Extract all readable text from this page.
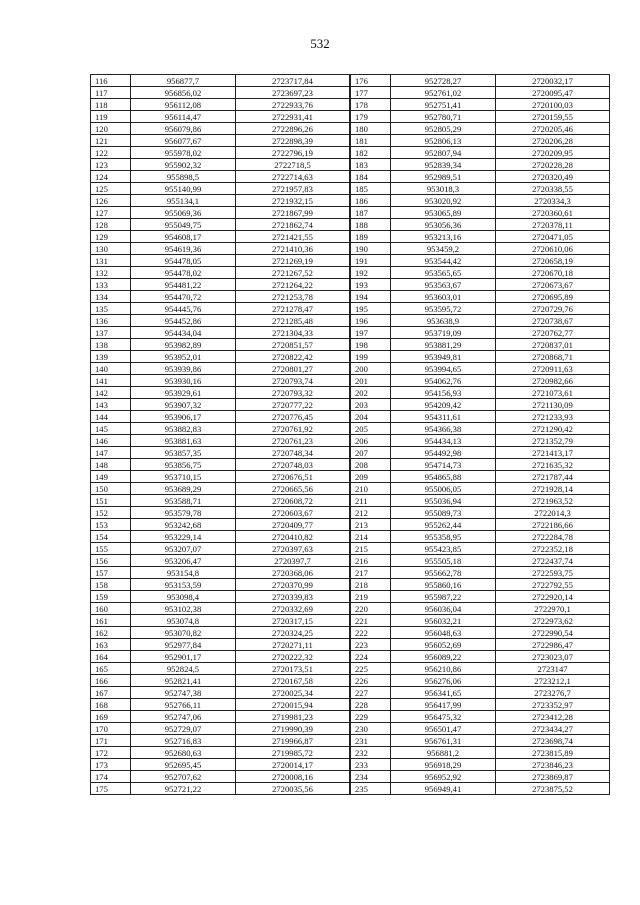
532
116	956877,7	2723717,84
117	956856,02	2723697,23
118	956112,08	2722933,76
119	956114,47	2722931,41
120	956079,86	2722896,26
121	956077,67	2722898,39
122	955978,02	2722796,19
123	955902,32	2722718,5
124	955898,5	2722714,63
125	955140,99	2721957,83
126	955134,1	2721932,15
127	955069,36	2721867,99
128	955049,75	2721862,74
129	954608,17	2721421,55
130	954619,36	2721410,36
131	954478,05	2721269,19
132	954478,02	2721267,52
133	954481,22	2721264,22
134	954470,72	2721253,78
135	954445,76	2721278,47
136	954452,86	2721285,48
137	954434,04	2721304,33
138	953982,89	2720851,57
139	953952,01	2720822,42
140	953939,86	2720801,27
141	953930,16	2720793,74
142	953929,61	2720793,32
143	953907,32	2720777,22
144	953906,17	2720776,45
145	953882,83	2720761,92
146	953881,63	2720761,23
147	953857,35	2720748,34
148	953856,75	2720748,03
149	953710,15	2720676,51
150	953689,29	2720665,56
151	953588,71	2720608,72
152	953579,78	2720603,67
153	953242,68	2720409,77
154	953229,14	2720410,82
155	953207,07	2720397,63
156	953206,47	2720397,7
157	953154,8	2720368,06
158	953153,59	2720370,99
159	953098,4	2720339,83
160	953102,38	2720332,69
161	953074,8	2720317,15
162	953070,82	2720324,25
163	952977,84	2720271,11
164	952901,17	2720222,32
165	952824,5	2720173,51
166	952821,41	2720167,58
167	952747,38	2720025,34
168	952766,11	2720015,94
169	952747,06	2719981,23
170	952729,07	2719990,39
171	952716,83	2719966,87
172	952680,63	2719985,72
173	952695,45	2720014,17
174	952707,62	2720008,16
175	952721,22	2720035,56
176	952728,27	2720032,17
177	952761,02	2720095,47
178	952751,41	2720100,03
179	952780,71	2720159,55
180	952805,29	2720205,46
181	952806,13	2720206,28
182	952807,94	2720209,95
183	952839,34	2720228,28
184	952989,51	2720320,49
185	953018,3	2720338,55
186	953020,92	2720334,3
187	953065,89	2720360,61
188	953056,36	2720378,11
189	953213,16	2720471,05
190	953459,2	2720610,06
191	953544,42	2720658,19
192	953565,65	2720670,18
193	953563,67	2720673,67
194	953603,01	2720695,89
195	953595,72	2720729,76
196	953638,9	2720738,67
197	953719,09	2720762,77
198	953881,29	2720837,01
199	953949,81	2720868,71
200	953994,65	2720911,63
201	954062,76	2720982,66
202	954156,93	2721073,61
203	954209,42	2721130,09
204	954311,61	2721233,93
205	954366,38	2721290,42
206	954434,13	2721352,79
207	954492,98	2721413,17
208	954714,73	2721635,32
209	954865,88	2721787,44
210	955006,05	2721928,14
211	955036,94	2721963,52
212	955089,73	2722014,3
213	955262,44	2722186,66
214	955358,95	2722284,78
215	955423,85	2722352,18
216	955505,18	2722437,74
217	955662,78	2722593,75
218	955860,16	2722792,55
219	955987,22	2722920,14
220	956036,04	2722970,1
221	956032,21	2722973,62
222	956048,63	2722990,54
223	956052,69	2722986,47
224	956089,22	2723023,07
225	956210,86	2723147
226	956276,06	2723212,1
227	956341,65	2723276,7
228	956417,99	2723352,97
229	956475,32	2723412,28
230	956501,47	2723434,27
231	956761,31	2723698,74
232	956881,2	2723815,89
233	956918,29	2723846,23
234	956952,92	2723869,87
235	956949,41	2723875,52
